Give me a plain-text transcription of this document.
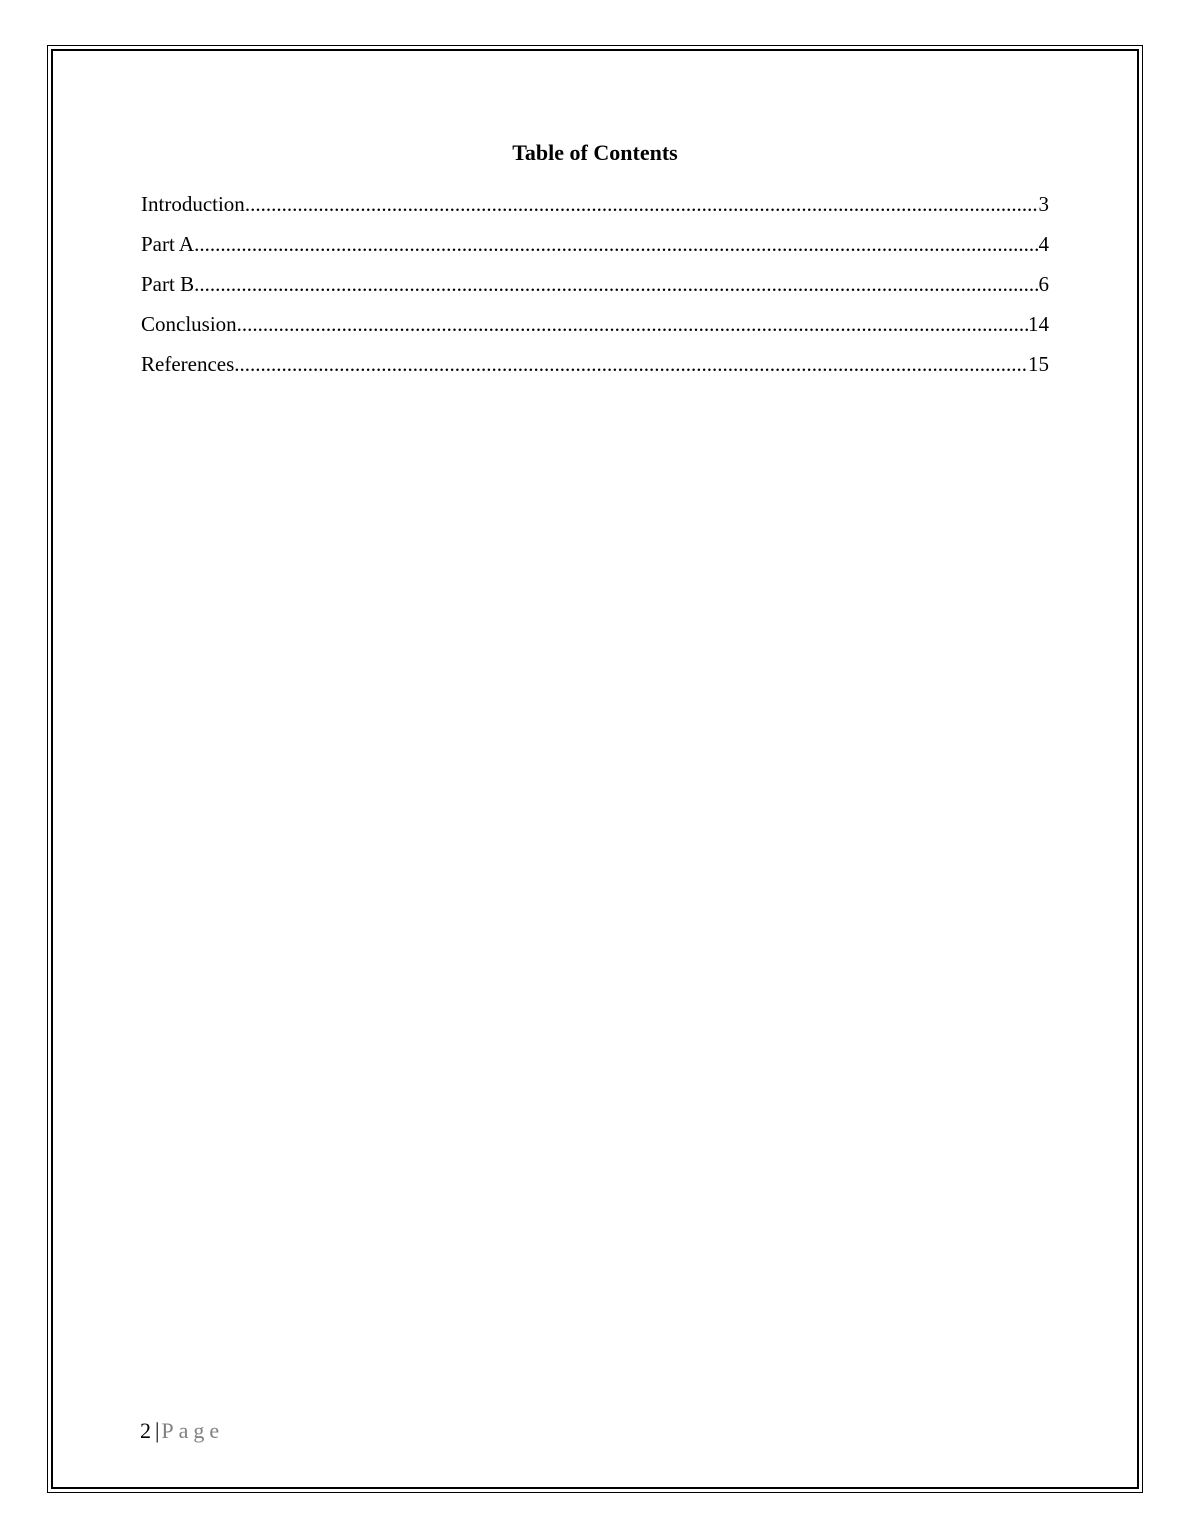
Table of Contents
Introduction .....	3
Part A .....	4
Part B .....	6
Conclusion .....	14
References .....	15
2 |Page
